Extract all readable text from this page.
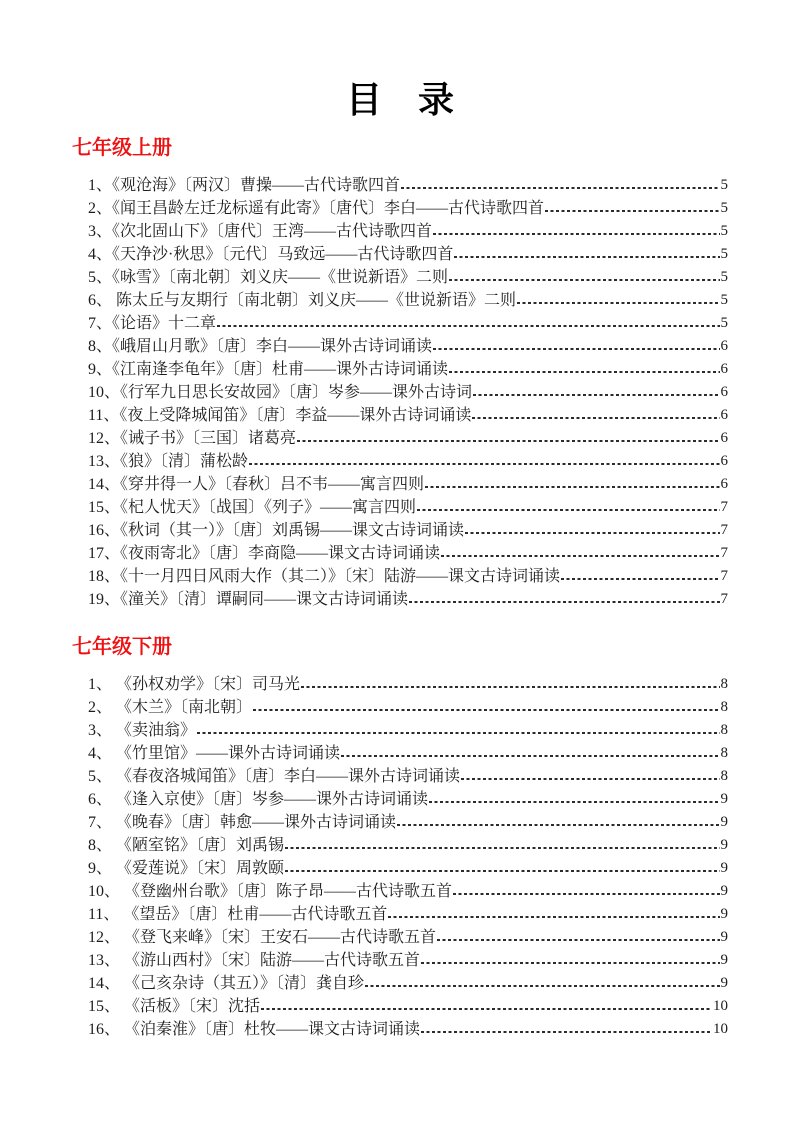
目　录
七年级上册
1、《观沧海》〔两汉〕曹操——古代诗歌四首	5
2、《闻王昌龄左迁龙标遥有此寄》〔唐代〕李白——古代诗歌四首	5
3、《次北固山下》〔唐代〕王湾——古代诗歌四首	5
4、《天净沙·秋思》〔元代〕马致远——古代诗歌四首	5
5、《咏雪》〔南北朝〕刘义庆——《世说新语》二则	5
6、 陈太丘与友期行〔南北朝〕刘义庆——《世说新语》二则	5
7、《论语》十二章	5
8、《峨眉山月歌》〔唐〕李白——课外古诗词诵读	6
9、《江南逢李龟年》〔唐〕杜甫——课外古诗词诵读	6
10、《行军九日思长安故园》〔唐〕岑参——课外古诗词	6
11、《夜上受降城闻笛》〔唐〕李益——课外古诗词诵读	6
12、《诫子书》〔三国〕诸葛亮	6
13、《狼》〔清〕蒲松龄	6
14、《穿井得一人》〔春秋〕吕不韦——寓言四则	6
15、《杞人忧天》〔战国〕《列子》——寓言四则	7
16、《秋词（其一）》〔唐〕刘禹锡——课文古诗词诵读	7
17、《夜雨寄北》〔唐〕李商隐——课文古诗词诵读	7
18、《十一月四日风雨大作（其二）》〔宋〕陆游——课文古诗词诵读	7
19、《潼关》〔清〕谭嗣同——课文古诗词诵读	7
七年级下册
1、 《孙权劝学》〔宋〕司马光	8
2、 《木兰》〔南北朝〕	8
3、 《卖油翁》	8
4、 《竹里馆》——课外古诗词诵读	8
5、 《春夜洛城闻笛》〔唐〕李白——课外古诗词诵读	8
6、 《逢入京使》〔唐〕岑参——课外古诗词诵读	9
7、 《晚春》〔唐〕韩愈——课外古诗词诵读	9
8、 《陋室铭》〔唐〕刘禹锡	9
9、 《爱莲说》〔宋〕周敦颐	9
10、 《登幽州台歌》〔唐〕陈子昂——古代诗歌五首	9
11、 《望岳》〔唐〕杜甫——古代诗歌五首	9
12、 《登飞来峰》〔宋〕王安石——古代诗歌五首	9
13、 《游山西村》〔宋〕陆游——古代诗歌五首	9
14、 《己亥杂诗（其五）》〔清〕龚自珍	9
15、 《活板》〔宋〕沈括	10
16、 《泊秦淮》〔唐〕杜牧——课文古诗词诵读	10
